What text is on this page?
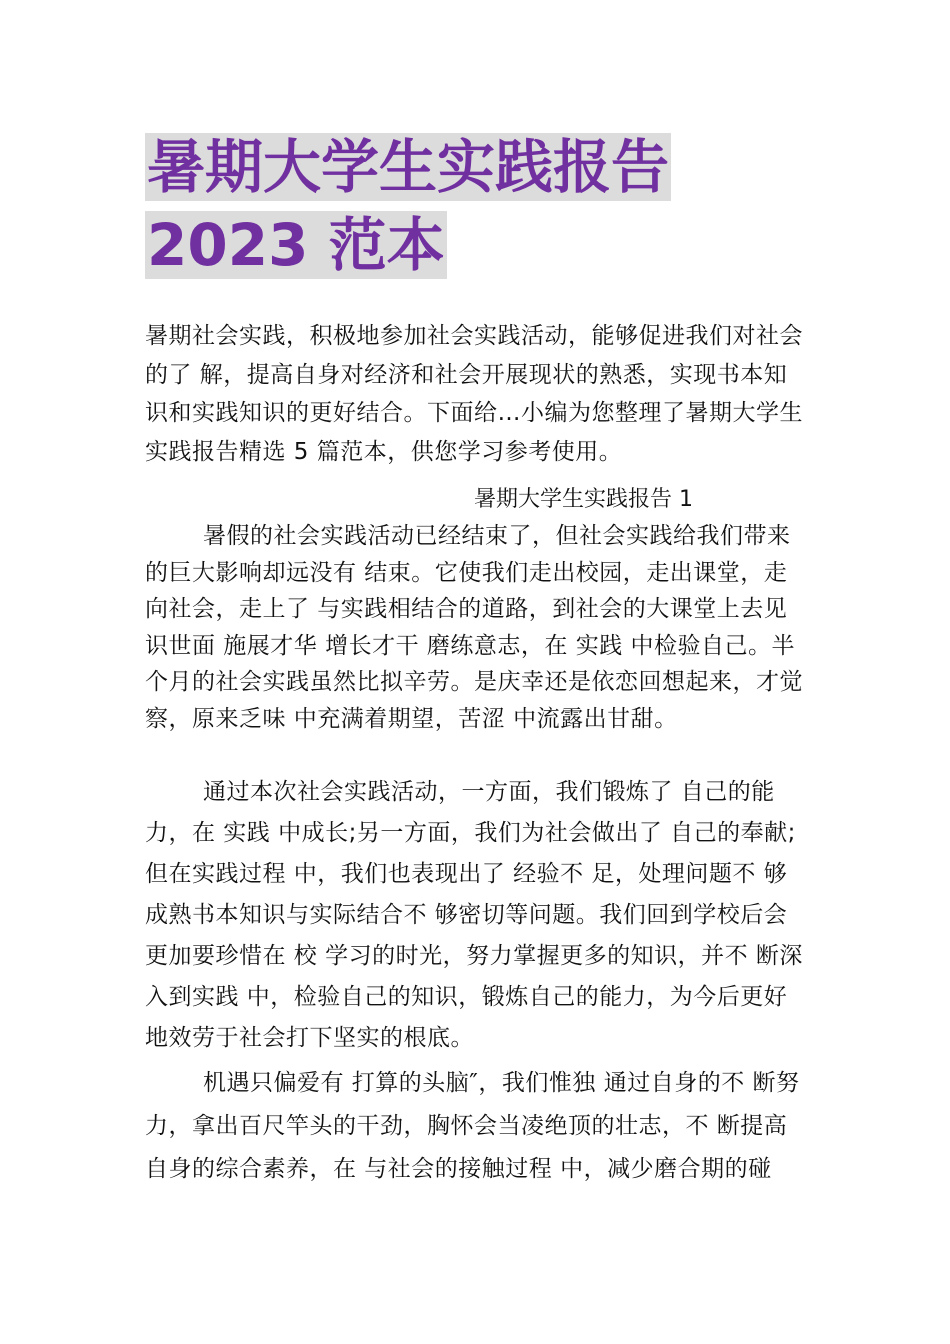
暑期大学生实践报告 2023 范本

暑期社会实践，积极地参加社会实践活动，能够促进我们对社会的了 解，提高自身对经济和社会开展现状的熟悉，实现书本知识和实践知识的更好结合。下面给…小编为您整理了暑期大学生实践报告精选 5 篇范本，供您学习参考使用。

暑期大学生实践报告 1

暑假的社会实践活动已经结束了，但社会实践给我们带来的巨大影响却远没有 结束。它使我们走出校园，走出课堂，走向社会，走上了 与实践相结合的道路，到社会的大课堂上去见识世面 施展才华 增长才干 磨练意志，在 实践 中检验自己。半个月的社会实践虽然比拟辛劳。是庆幸还是依恋回想起来，才觉察，原来乏味 中充满着期望，苦涩 中流露出甘甜。

通过本次社会实践活动，一方面，我们锻炼了 自己的能力，在 实践 中成长;另一方面，我们为社会做出了 自己的奉献;但在实践过程 中，我们也表现出了 经验不 足，处理问题不 够成熟书本知识与实际结合不 够密切等问题。我们回到学校后会更加要珍惜在 校 学习的时光，努力掌握更多的知识，并不 断深入到实践 中，检验自己的知识，锻炼自己的能力，为今后更好地效劳于社会打下坚实的根底。

机遇只偏爱有 打算的头脑″，我们惟独 通过自身的不 断努力，拿出百尺竿头的干劲，胸怀会当凌绝顶的壮志，不 断提高自身的综合素养，在 与社会的接触过程 中，减少磨合期的碰
